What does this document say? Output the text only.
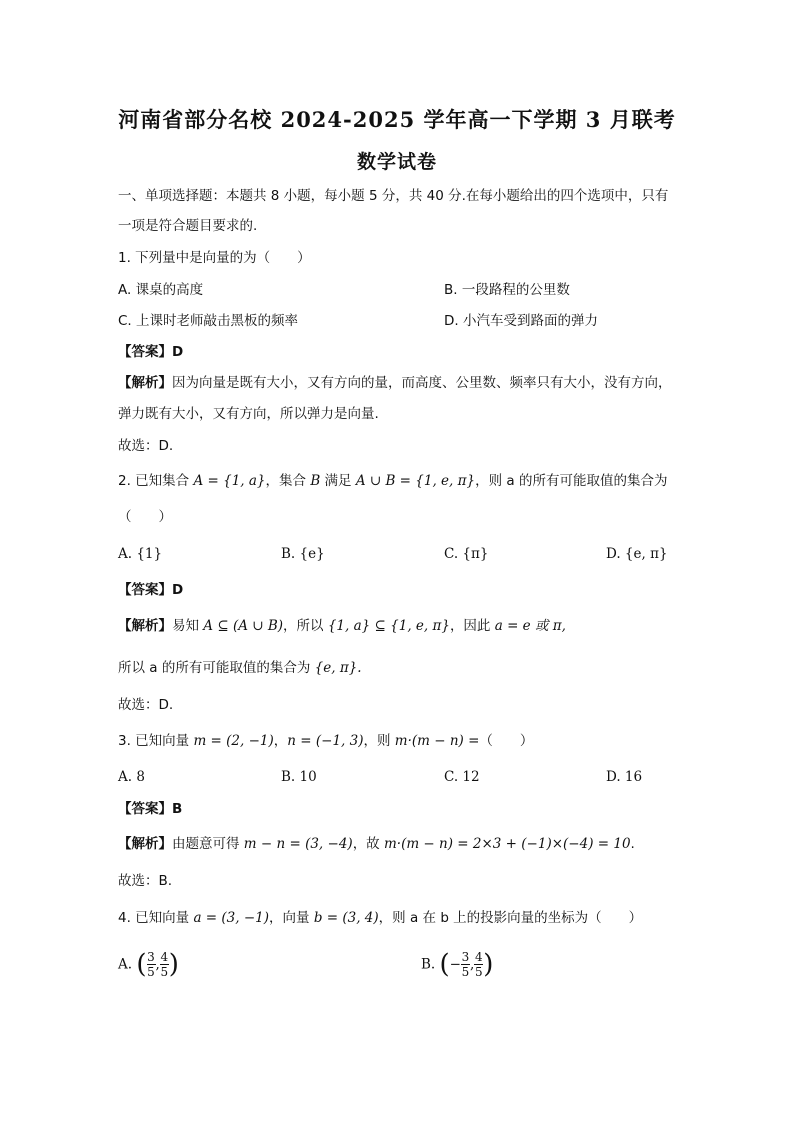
河南省部分名校 2024-2025 学年高一下学期 3 月联考
数学试卷
一、单项选择题：本题共 8 小题，每小题 5 分，共 40 分.在每小题给出的四个选项中，只有
一项是符合题目要求的.
1. 下列量中是向量的为（　　）
A. 课桌的高度	B. 一段路程的公里数
C. 上课时老师敲击黑板的频率	D. 小汽车受到路面的弹力
【答案】D
【解析】因为向量是既有大小，又有方向的量，而高度、公里数、频率只有大小，没有方向，
弹力既有大小，又有方向，所以弹力是向量.
故选：D.
2. 已知集合 A = {1, a}，集合 B 满足 A ∪ B = {1, e, π}，则 a 的所有可能取值的集合为
（　　）
A. {1}	B. {e}	C. {π}	D. {e, π}
【答案】D
【解析】易知 A ⊆ (A ∪ B)，所以 {1, a} ⊆ {1, e, π}，因此 a = e 或 π,
所以 a 的所有可能取值的集合为 {e, π}.
故选：D.
3. 已知向量 m = (2, −1)，n = (−1, 3)，则 m·(m − n) =（　　）
A. 8	B. 10	C. 12	D. 16
【答案】B
【解析】由题意可得 m − n = (3, −4)，故 m·(m − n) = 2×3 + (−1)×(−4) = 10.
故选：B.
4. 已知向量 a = (3, −1)，向量 b = (3, 4)，则 a 在 b 上的投影向量的坐标为（　　）
A. ( $\frac{3}{5}$ , $\frac{4}{5}$ )	B. (− $\frac{3}{5}$ , $\frac{4}{5}$ )
